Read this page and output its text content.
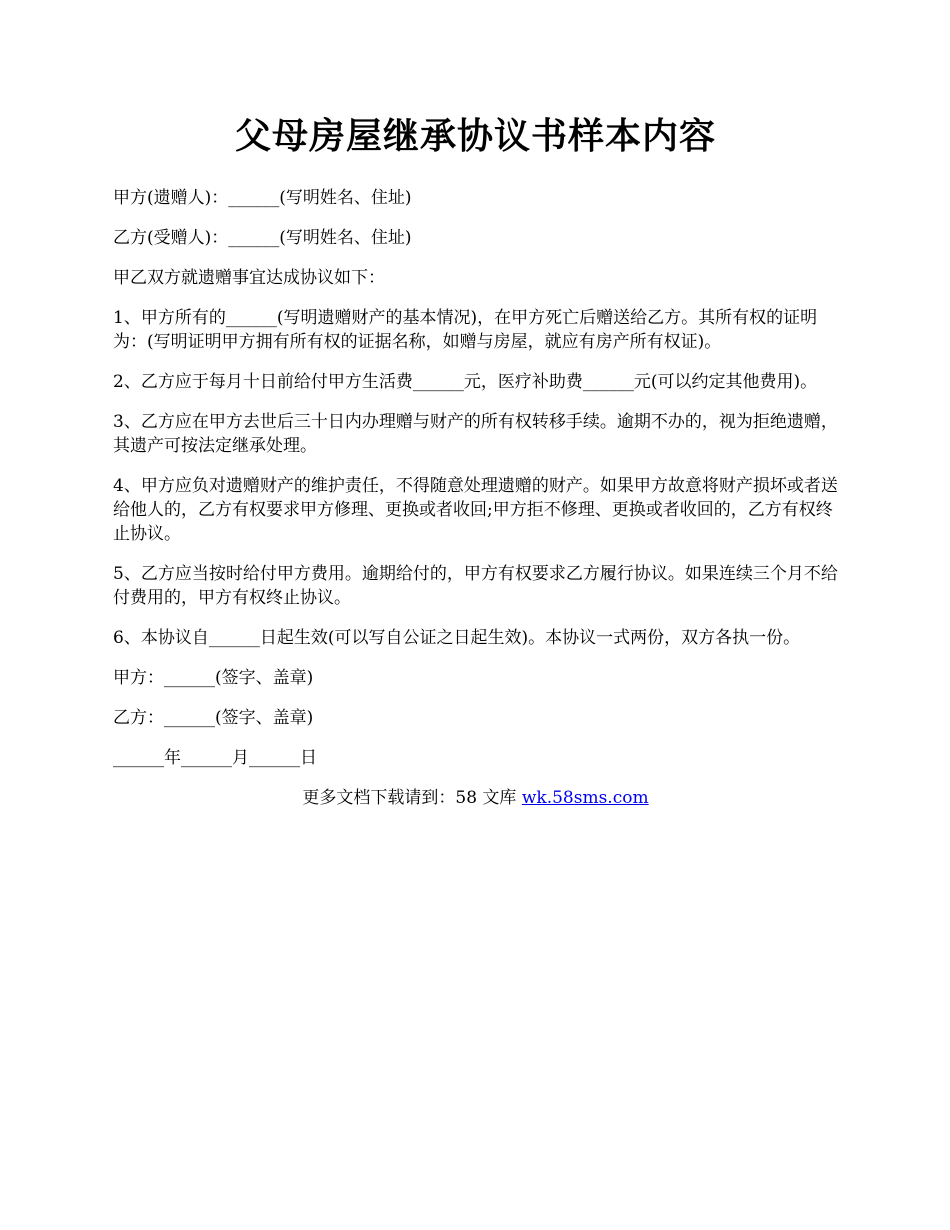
父母房屋继承协议书样本内容

甲方(遗赠人)：______(写明姓名、住址)

乙方(受赠人)：______(写明姓名、住址)

甲乙双方就遗赠事宜达成协议如下：

1、甲方所有的______(写明遗赠财产的基本情况)，在甲方死亡后赠送给乙方。其所有权的证明为：(写明证明甲方拥有所有权的证据名称，如赠与房屋，就应有房产所有权证)。

2、乙方应于每月十日前给付甲方生活费______元，医疗补助费______元(可以约定其他费用)。

3、乙方应在甲方去世后三十日内办理赠与财产的所有权转移手续。逾期不办的，视为拒绝遗赠，其遗产可按法定继承处理。

4、甲方应负对遗赠财产的维护责任，不得随意处理遗赠的财产。如果甲方故意将财产损坏或者送给他人的，乙方有权要求甲方修理、更换或者收回;甲方拒不修理、更换或者收回的，乙方有权终止协议。

5、乙方应当按时给付甲方费用。逾期给付的，甲方有权要求乙方履行协议。如果连续三个月不给付费用的，甲方有权终止协议。

6、本协议自______日起生效(可以写自公证之日起生效)。本协议一式两份，双方各执一份。

甲方：______(签字、盖章)

乙方：______(签字、盖章)

______年______月______日

更多文档下载请到：58 文库 wk.58sms.com
